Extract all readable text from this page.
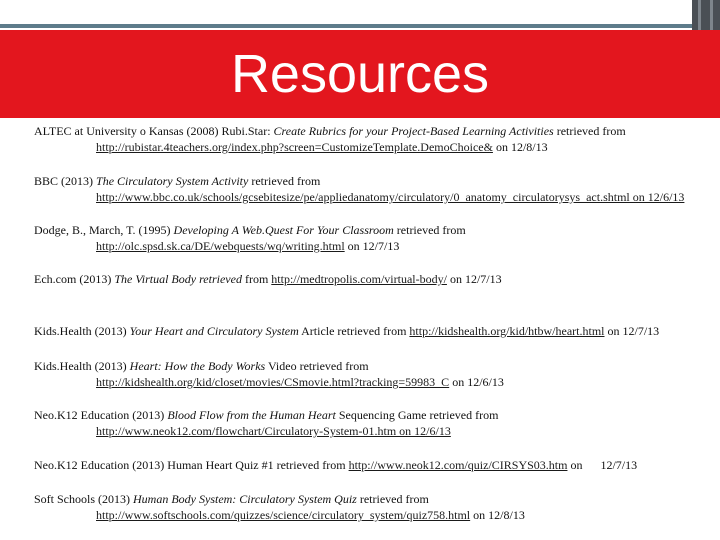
Resources
ALTEC at University o Kansas (2008) Rubi.Star: Create Rubrics for your Project-Based Learning Activities retrieved from
http://rubistar.4teachers.org/index.php?screen=CustomizeTemplate.DemoChoice& on 12/8/13
BBC (2013) The Circulatory System Activity retrieved from
http://www.bbc.co.uk/schools/gcsebitesize/pe/appliedanatomy/circulatory/0_anatomy_circulatorysys_act.shtml on 12/6/13
Dodge, B., March, T. (1995) Developing A Web.Quest For Your Classroom retrieved from
http://olc.spsd.sk.ca/DE/webquests/wq/writing.html on 12/7/13
Ech.com (2013) The Virtual Body retrieved from http://medtropolis.com/virtual-body/ on 12/7/13
Kids.Health (2013) Your Heart and Circulatory System Article retrieved from http://kidshealth.org/kid/htbw/heart.html on 12/7/13
Kids.Health (2013) Heart: How the Body Works Video retrieved from
http://kidshealth.org/kid/closet/movies/CSmovie.html?tracking=59983_C on 12/6/13
Neo.K12 Education (2013) Blood Flow from the Human Heart Sequencing Game retrieved from
http://www.neok12.com/flowchart/Circulatory-System-01.htm on 12/6/13
Neo.K12 Education (2013) Human Heart Quiz #1 retrieved from http://www.neok12.com/quiz/CIRSYS03.htm on      12/7/13
Soft Schools (2013) Human Body System: Circulatory System Quiz retrieved from
http://www.softschools.com/quizzes/science/circulatory_system/quiz758.html on 12/8/13
